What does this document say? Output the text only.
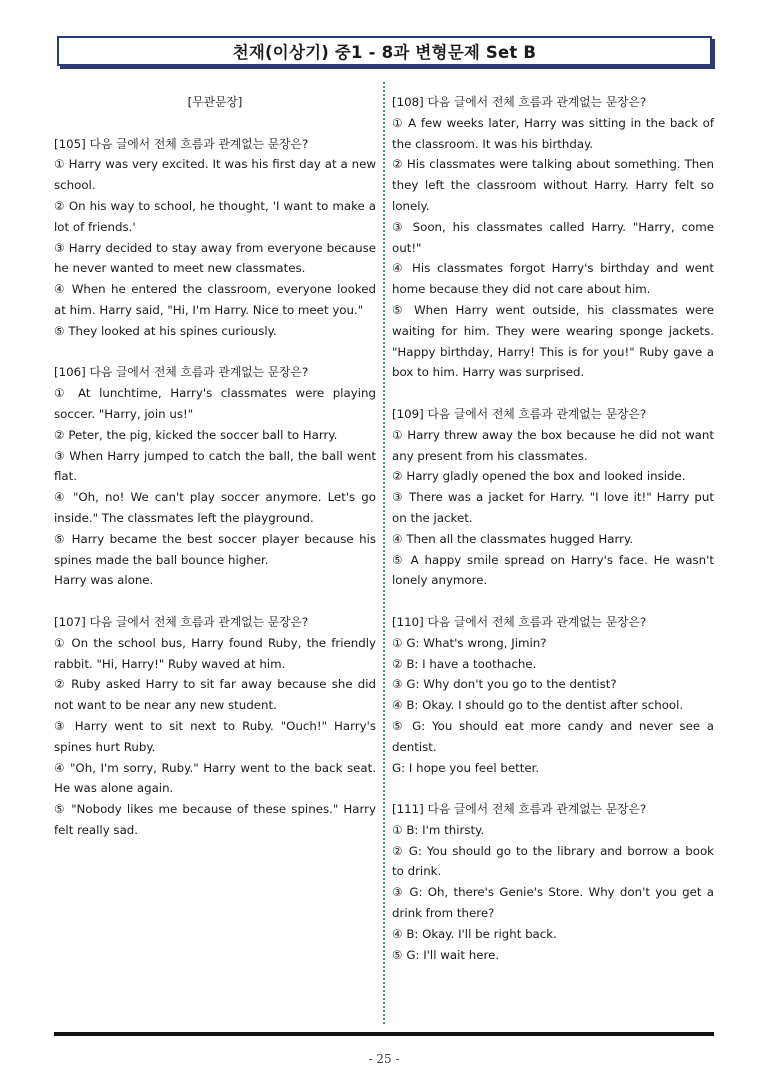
천재(이상기) 중1 - 8과 변형문제 Set B
[무관문장]
[105] 다음 글에서 전체 흐름과 관계없는 문장은?
① Harry was very excited. It was his first day at a new school.
② On his way to school, he thought, 'I want to make a lot of friends.'
③ Harry decided to stay away from everyone because he never wanted to meet new classmates.
④ When he entered the classroom, everyone looked at him. Harry said, "Hi, I'm Harry. Nice to meet you."
⑤ They looked at his spines curiously.
[106] 다음 글에서 전체 흐름과 관계없는 문장은?
① At lunchtime, Harry's classmates were playing soccer. "Harry, join us!"
② Peter, the pig, kicked the soccer ball to Harry.
③ When Harry jumped to catch the ball, the ball went flat.
④ "Oh, no! We can't play soccer anymore. Let's go inside." The classmates left the playground.
⑤ Harry became the best soccer player because his spines made the ball bounce higher.
Harry was alone.
[107] 다음 글에서 전체 흐름과 관계없는 문장은?
① On the school bus, Harry found Ruby, the friendly rabbit. "Hi, Harry!" Ruby waved at him.
② Ruby asked Harry to sit far away because she did not want to be near any new student.
③ Harry went to sit next to Ruby. "Ouch!" Harry's spines hurt Ruby.
④ "Oh, I'm sorry, Ruby." Harry went to the back seat. He was alone again.
⑤ "Nobody likes me because of these spines." Harry felt really sad.
[108] 다음 글에서 전체 흐름과 관계없는 문장은?
① A few weeks later, Harry was sitting in the back of the classroom. It was his birthday.
② His classmates were talking about something. Then they left the classroom without Harry. Harry felt so lonely.
③ Soon, his classmates called Harry. "Harry, come out!"
④ His classmates forgot Harry's birthday and went home because they did not care about him.
⑤ When Harry went outside, his classmates were waiting for him. They were wearing sponge jackets. "Happy birthday, Harry! This is for you!" Ruby gave a box to him. Harry was surprised.
[109] 다음 글에서 전체 흐름과 관계없는 문장은?
① Harry threw away the box because he did not want any present from his classmates.
② Harry gladly opened the box and looked inside.
③ There was a jacket for Harry. "I love it!" Harry put on the jacket.
④ Then all the classmates hugged Harry.
⑤ A happy smile spread on Harry's face. He wasn't lonely anymore.
[110] 다음 글에서 전체 흐름과 관계없는 문장은?
① G: What's wrong, Jimin?
② B: I have a toothache.
③ G: Why don't you go to the dentist?
④ B: Okay. I should go to the dentist after school.
⑤ G: You should eat more candy and never see a dentist.
G: I hope you feel better.
[111] 다음 글에서 전체 흐름과 관계없는 문장은?
① B: I'm thirsty.
② G: You should go to the library and borrow a book to drink.
③ G: Oh, there's Genie's Store. Why don't you get a drink from there?
④ B: Okay. I'll be right back.
⑤ G: I'll wait here.
- 25 -
